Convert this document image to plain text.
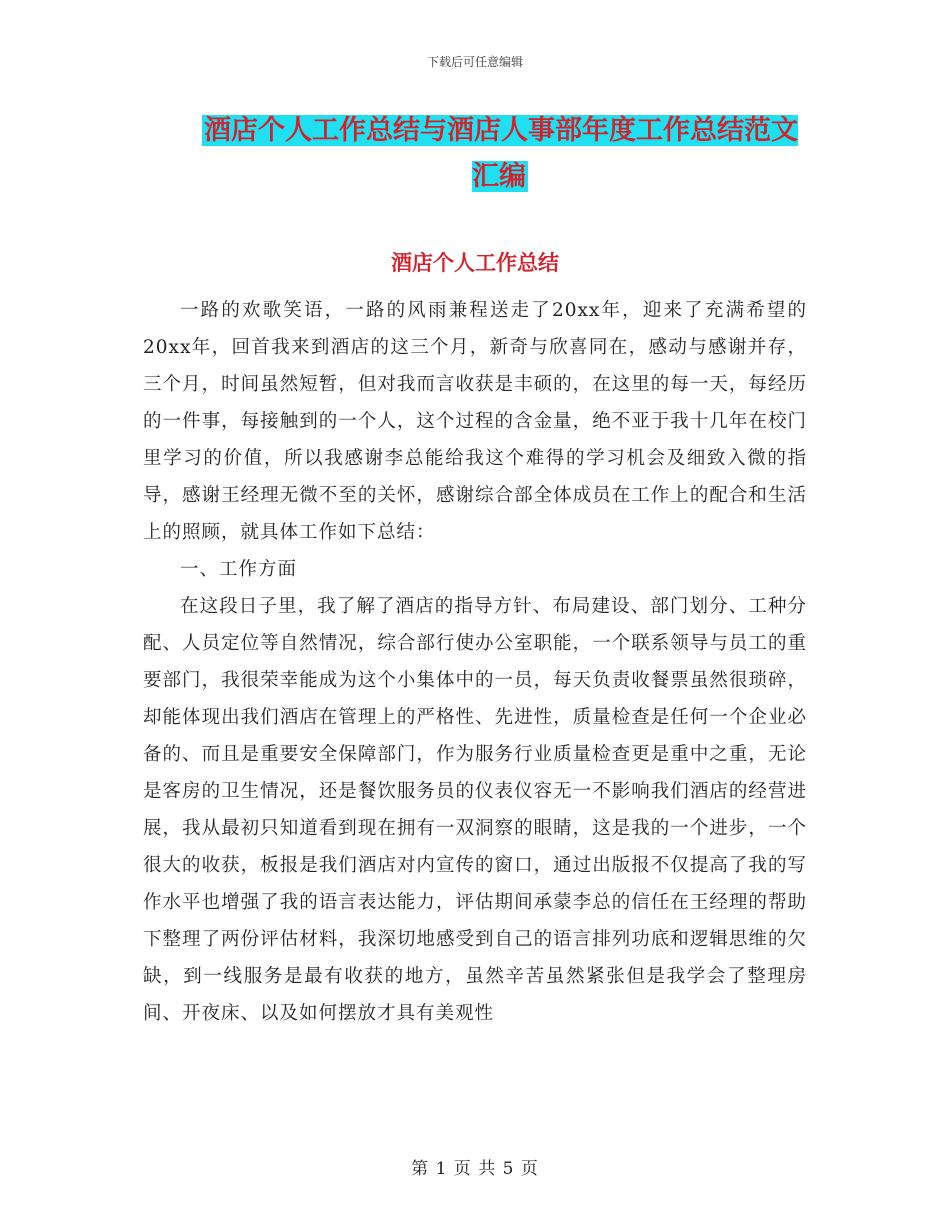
下载后可任意编辑
酒店个人工作总结与酒店人事部年度工作总结范文汇编
酒店个人工作总结

一路的欢歌笑语，一路的风雨兼程送走了20xx年，迎来了充满希望的20xx年，回首我来到酒店的这三个月，新奇与欣喜同在，感动与感谢并存，三个月，时间虽然短暂，但对我而言收获是丰硕的，在这里的每一天，每经历的一件事，每接触到的一个人，这个过程的含金量，绝不亚于我十几年在校门里学习的价值，所以我感谢李总能给我这个难得的学习机会及细致入微的指导，感谢王经理无微不至的关怀，感谢综合部全体成员在工作上的配合和生活上的照顾，就具体工作如下总结：

一、工作方面

在这段日子里，我了解了酒店的指导方针、布局建设、部门划分、工种分配、人员定位等自然情况，综合部行使办公室职能，一个联系领导与员工的重要部门，我很荣幸能成为这个小集体中的一员，每天负责收餐票虽然很琐碎，却能体现出我们酒店在管理上的严格性、先进性，质量检查是任何一个企业必备的、而且是重要安全保障部门，作为服务行业质量检查更是重中之重，无论是客房的卫生情况，还是餐饮服务员的仪表仪容无一不影响我们酒店的经营进展，我从最初只知道看到现在拥有一双洞察的眼睛，这是我的一个进步，一个很大的收获，板报是我们酒店对内宣传的窗口，通过出版报不仅提高了我的写作水平也增强了我的语言表达能力，评估期间承蒙李总的信任在王经理的帮助下整理了两份评估材料，我深切地感受到自己的语言排列功底和逻辑思维的欠缺，到一线服务是最有收获的地方，虽然辛苦虽然紧张但是我学会了整理房间、开夜床、以及如何摆放才具有美观性

第 1 页 共 5 页
